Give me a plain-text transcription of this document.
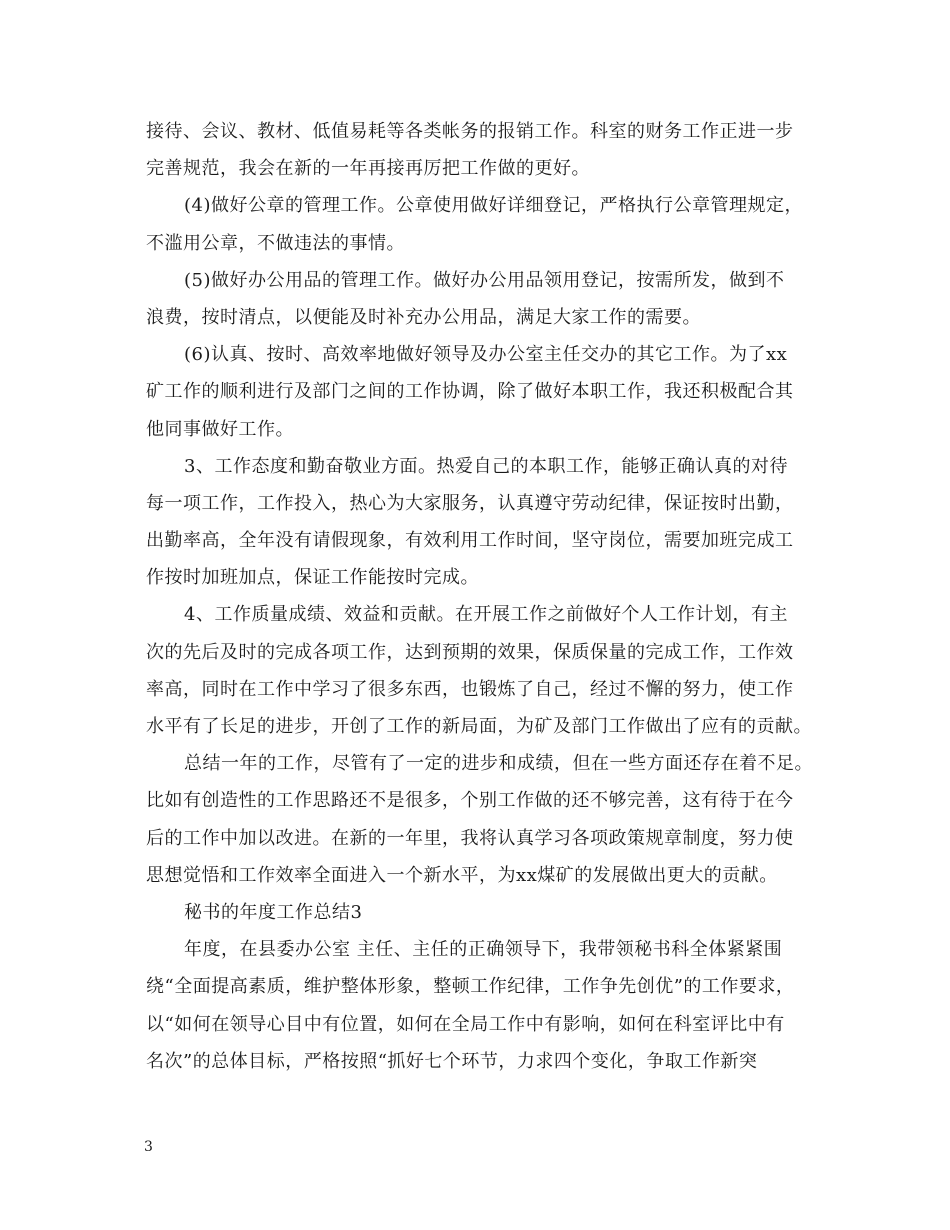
接待、会议、教材、低值易耗等各类帐务的报销工作。科室的财务工作正进一步
完善规范，我会在新的一年再接再厉把工作做的更好。
(4)做好公章的管理工作。公章使用做好详细登记，严格执行公章管理规定，
不滥用公章，不做违法的事情。
(5)做好办公用品的管理工作。做好办公用品领用登记，按需所发，做到不
浪费，按时清点，以便能及时补充办公用品，满足大家工作的需要。
(6)认真、按时、高效率地做好领导及办公室主任交办的其它工作。为了xx
矿工作的顺利进行及部门之间的工作协调，除了做好本职工作，我还积极配合其
他同事做好工作。
3、工作态度和勤奋敬业方面。热爱自己的本职工作，能够正确认真的对待
每一项工作，工作投入，热心为大家服务，认真遵守劳动纪律，保证按时出勤，
出勤率高，全年没有请假现象，有效利用工作时间，坚守岗位，需要加班完成工
作按时加班加点，保证工作能按时完成。
4、工作质量成绩、效益和贡献。在开展工作之前做好个人工作计划，有主
次的先后及时的完成各项工作，达到预期的效果，保质保量的完成工作，工作效
率高，同时在工作中学习了很多东西，也锻炼了自己，经过不懈的努力，使工作
水平有了长足的进步，开创了工作的新局面，为矿及部门工作做出了应有的贡献。
总结一年的工作，尽管有了一定的进步和成绩，但在一些方面还存在着不足。
比如有创造性的工作思路还不是很多，个别工作做的还不够完善，这有待于在今
后的工作中加以改进。在新的一年里，我将认真学习各项政策规章制度，努力使
思想觉悟和工作效率全面进入一个新水平，为xx煤矿的发展做出更大的贡献。
秘书的年度工作总结3
年度，在县委办公室 主任、主任的正确领导下，我带领秘书科全体紧紧围
绕“全面提高素质，维护整体形象，整顿工作纪律，工作争先创优”的工作要求，
以“如何在领导心目中有位置，如何在全局工作中有影响，如何在科室评比中有
名次”的总体目标，严格按照“抓好七个环节，力求四个变化，争取工作新突
3
